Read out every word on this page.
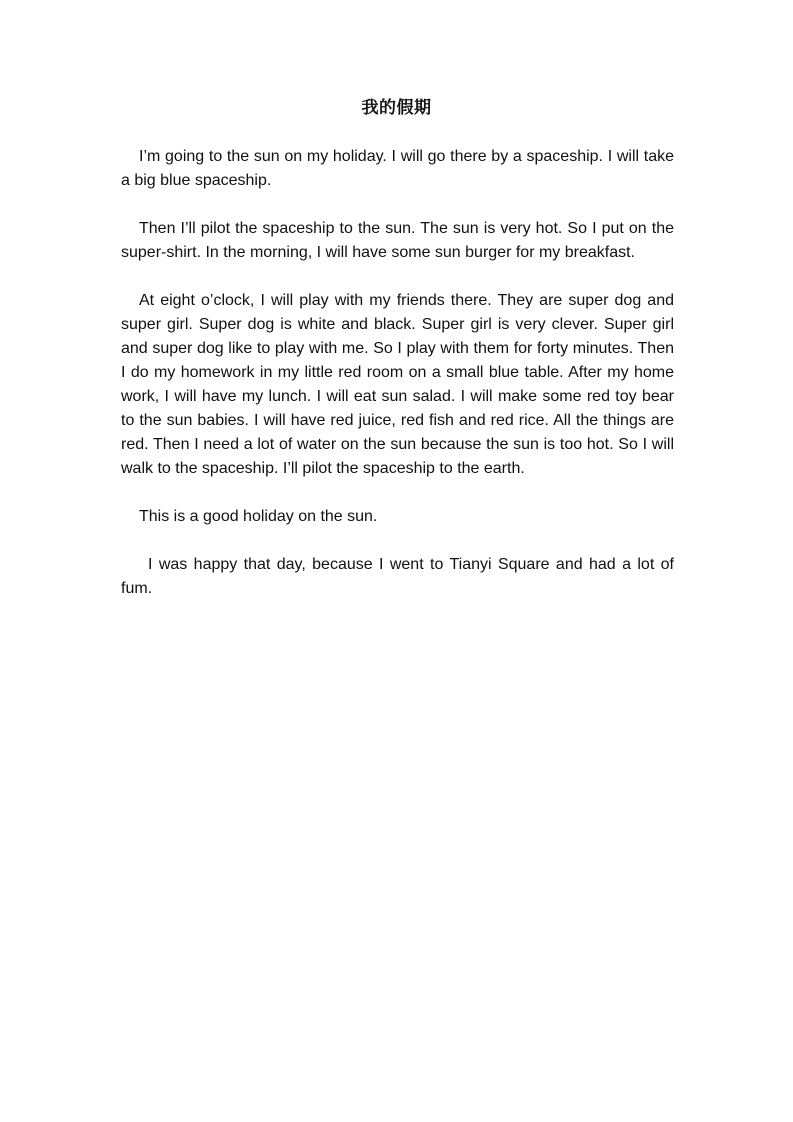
我的假期

I’m going to the sun on my holiday. I will go there by a spaceship. I will take a big blue spaceship.

Then I’ll pilot the spaceship to the sun. The sun is very hot. So I put on the super-shirt. In the morning, I will have some sun burger for my breakfast.

At eight o’clock, I will play with my friends there. They are super dog and super girl. Super dog is white and black. Super girl is very clever. Super girl and super dog like to play with me. So I play with them for forty minutes. Then I do my homework in my little red room on a small blue table. After my home work, I will have my lunch. I will eat sun salad. I will make some red toy bear to the sun babies. I will have red juice, red fish and red rice. All the things are red. Then I need a lot of water on the sun because the sun is too hot. So I will walk to the spaceship. I’ll pilot the spaceship to the earth.

This is a good holiday on the sun.

I was happy that day, because I went to Tianyi Square and had a lot of fum.
